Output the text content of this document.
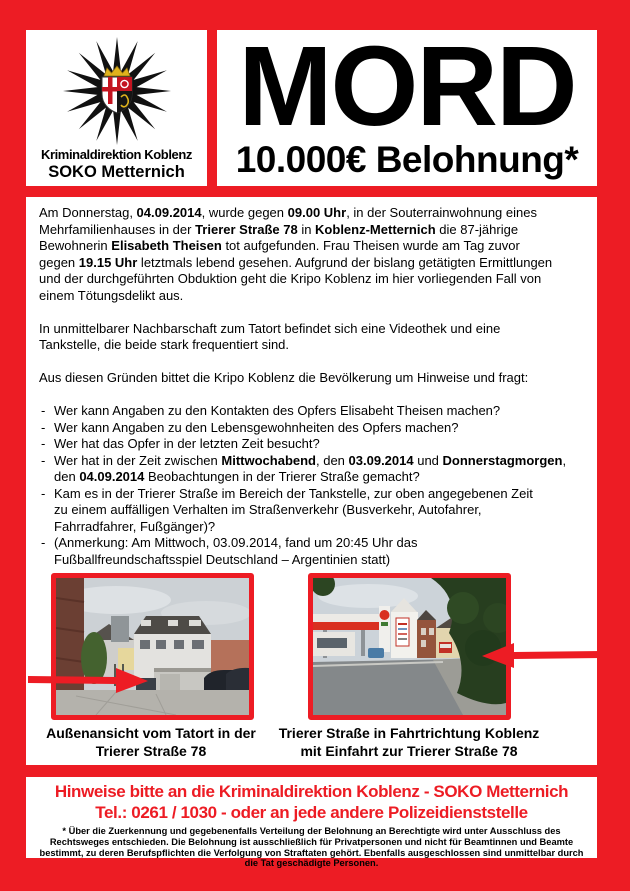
Kriminaldirektion Koblenz
SOKO Metternich
MORD
10.000€ Belohnung*

Am Donnerstag, 04.09.2014, wurde gegen 09.00 Uhr, in der Souterrainwohnung eines
Mehrfamilienhauses in der Trierer Straße 78 in Koblenz-Metternich die 87-jährige
Bewohnerin Elisabeth Theisen tot aufgefunden. Frau Theisen wurde am Tag zuvor
gegen 19.15 Uhr letztmals lebend gesehen. Aufgrund der bislang getätigten Ermittlungen
und der durchgeführten Obduktion geht die Kripo Koblenz im hier vorliegenden Fall von
einem Tötungsdelikt aus.

In unmittelbarer Nachbarschaft zum Tatort befindet sich eine Videothek und eine
Tankstelle, die beide stark frequentiert sind.

Aus diesen Gründen bittet die Kripo Koblenz die Bevölkerung um Hinweise und fragt:

- Wer kann Angaben zu den Kontakten des Opfers Elisabeht Theisen machen?
- Wer kann Angaben zu den Lebensgewohnheiten des Opfers machen?
- Wer hat das Opfer in der letzten Zeit besucht?
- Wer hat in der Zeit zwischen Mittwochabend, den 03.09.2014 und Donnerstagmorgen,
den 04.09.2014 Beobachtungen in der Trierer Straße gemacht?
- Kam es in der Trierer Straße im Bereich der Tankstelle, zur oben angegebenen Zeit
zu einem auffälligen Verhalten im Straßenverkehr (Busverkehr, Autofahrer,
Fahrradfahrer, Fußgänger)?
- (Anmerkung: Am Mittwoch, 03.09.2014, fand um 20:45 Uhr das
Fußballfreundschaftsspiel Deutschland – Argentinien statt)
Außenansicht vom Tatort in der
Trierer Straße 78
Trierer Straße in Fahrtrichtung Koblenz
mit Einfahrt zur Trierer Straße 78
Hinweise bitte an die Kriminaldirektion Koblenz - SOKO Metternich
Tel.: 0261 / 1030 - oder an jede andere Polizeidienststelle
* Über die Zuerkennung und gegebenenfalls Verteilung der Belohnung an Berechtigte wird unter Ausschluss des Rechtsweges entschieden. Die Belohnung ist ausschließlich für Privatpersonen und nicht für Beamtinnen und Beamte bestimmt, zu deren Berufspflichten die Verfolgung von Straftaten gehört. Ebenfalls ausgeschlossen sind unmittelbar durch die Tat geschädigte Personen.
